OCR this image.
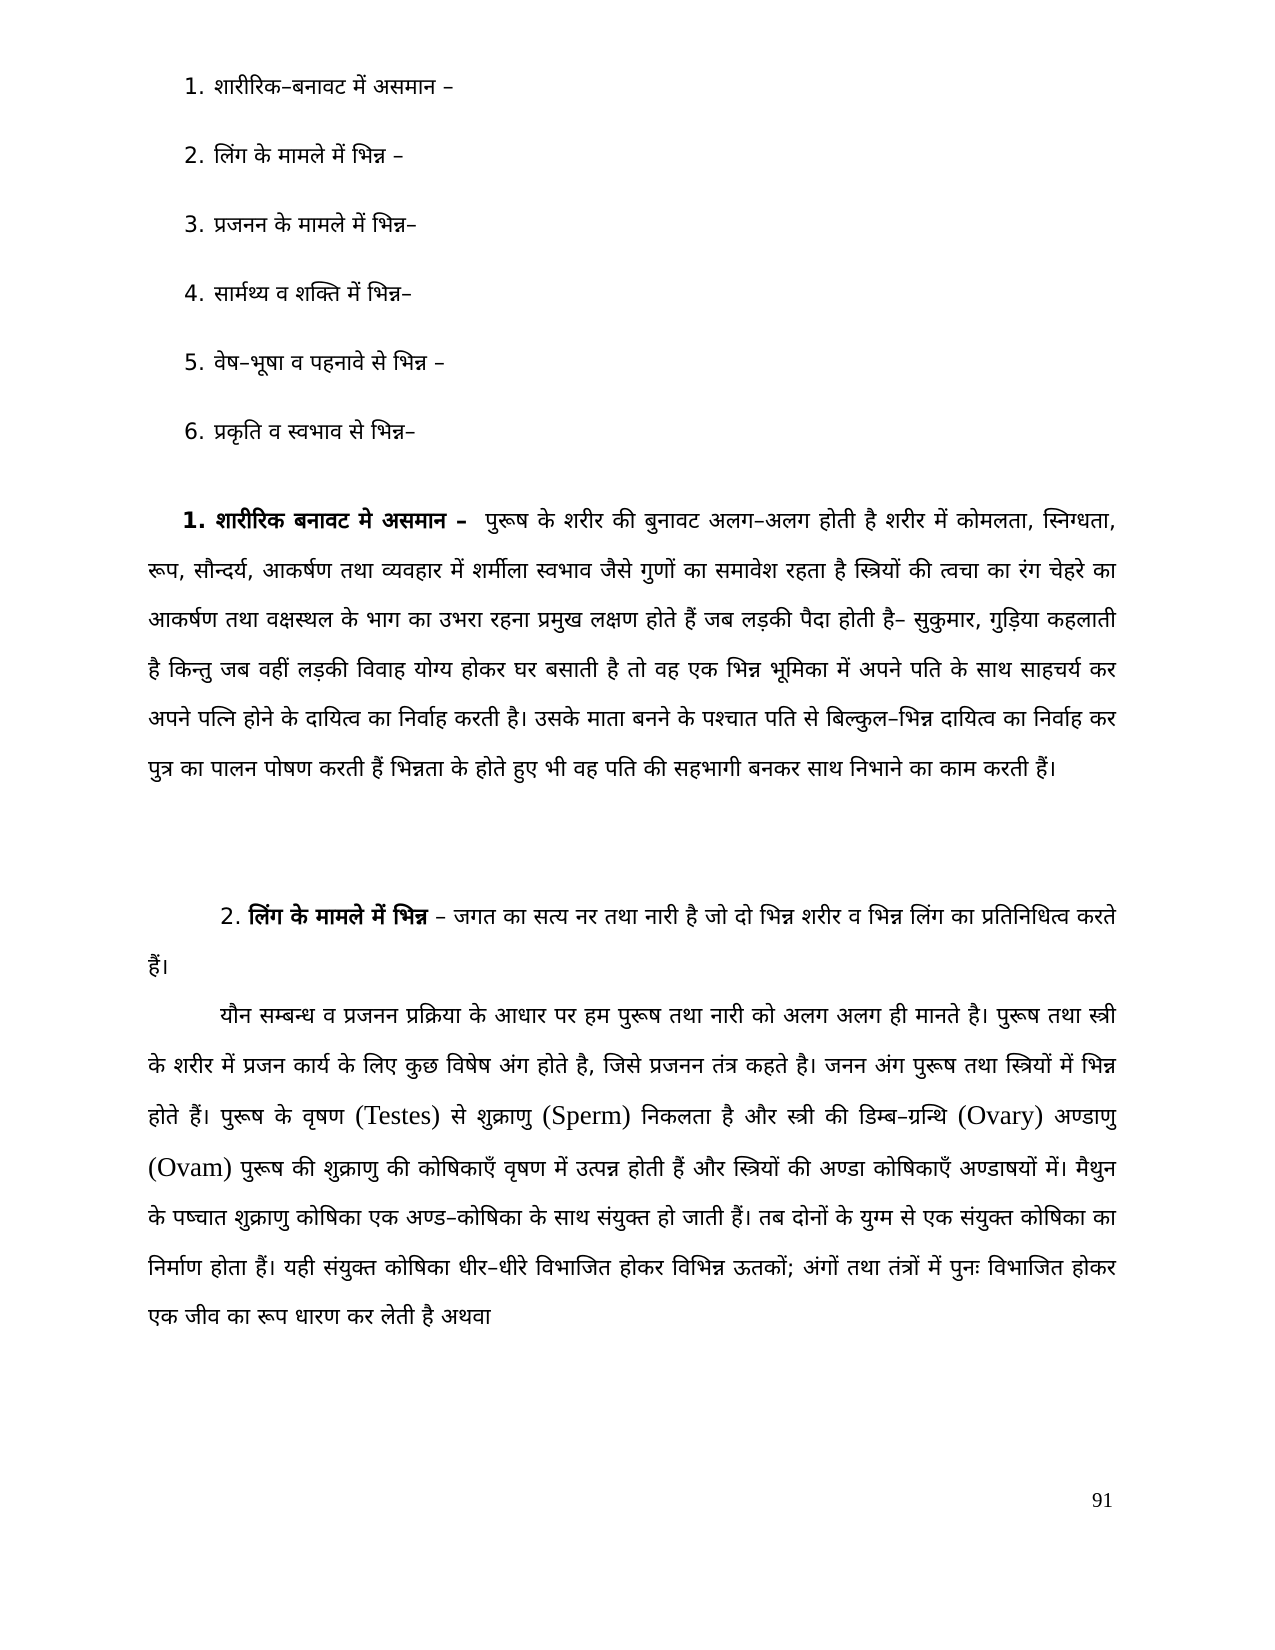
1. शारीरिक–बनावट में असमान –
2. लिंग के मामले में भिन्न –
3. प्रजनन के मामले में भिन्न–
4. सार्मथ्य व शक्ति में भिन्न–
5. वेष–भूषा व पहनावे से भिन्न –
6. प्रकृति व स्वभाव से भिन्न–

1. शारीरिक बनावट मे असमान – पुरूष के शरीर की बुनावट अलग–अलग होती है शरीर में कोमलता, स्निग्धता, रूप, सौन्दर्य, आकर्षण तथा व्यवहार में शर्मीला स्वभाव जैसे गुणों का समावेश रहता है स्त्रियों की त्वचा का रंग चेहरे का आकर्षण तथा वक्षस्थल के भाग का उभरा रहना प्रमुख लक्षण होते हैं जब लड़की पैदा होती है– सुकुमार, गुड़िया कहलाती है किन्तु जब वहीं लड़की विवाह योग्य होकर घर बसाती है तो वह एक भिन्न भूमिका में अपने पति के साथ साहचर्य कर अपने पत्नि होने के दायित्व का निर्वाह करती है। उसके माता बनने के पश्चात पति से बिल्कुल–भिन्न दायित्व का निर्वाह कर पुत्र का पालन पोषण करती हैं भिन्नता के होते हुए भी वह पति की सहभागी बनकर साथ निभाने का काम करती हैं।

2. लिंग के मामले में भिन्न – जगत का सत्य नर तथा नारी है जो दो भिन्न शरीर व भिन्न लिंग का प्रतिनिधित्व करते हैं।

यौन सम्बन्ध व प्रजनन प्रक्रिया के आधार पर हम पुरूष तथा नारी को अलग अलग ही मानते है। पुरूष तथा स्त्री के शरीर में प्रजन कार्य के लिए कुछ विषेष अंग होते है, जिसे प्रजनन तंत्र कहते है। जनन अंग पुरूष तथा स्त्रियों में भिन्न होते हैं। पुरूष के वृषण (Testes) से शुक्राणु (Sperm) निकलता है और स्त्री की डिम्ब–ग्रन्थि (Ovary) अण्डाणु (Ovam) पुरूष की शुक्राणु की कोषिकाएँ वृषण में उत्पन्न होती हैं और स्त्रियों की अण्डा कोषिकाएँ अण्डाषयों में। मैथुन के पष्चात शुक्राणु कोषिका एक अण्ड–कोषिका के साथ संयुक्त हो जाती हैं। तब दोनों के युग्म से एक संयुक्त कोषिका का निर्माण होता हैं। यही संयुक्त कोषिका धीर–धीरे विभाजित होकर विभिन्न ऊतकों; अंगों तथा तंत्रों में पुनः विभाजित होकर एक जीव का रूप धारण कर लेती है अथवा

91
